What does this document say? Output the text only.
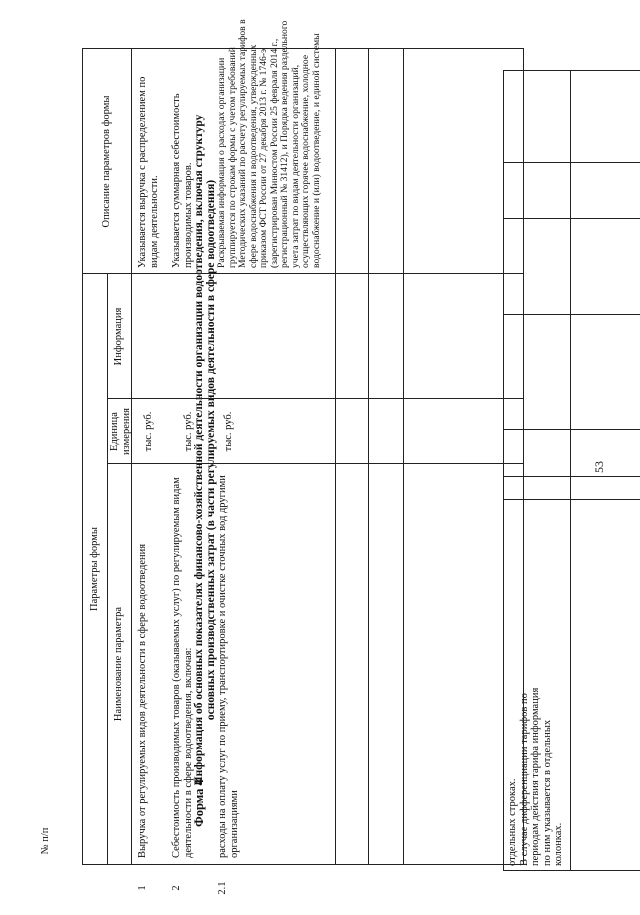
53
отдельных строках. В случае дифференциации тарифов по периодам действия тарифа информация по ним указывается в отдельных колонках.
Форма 4
Информация об основных показателях финансово-хозяйственной деятельности организации водоотведения, включая структуру основных производственных затрат (в части регулируемых видов деятельности в сфере водоотведения)
Параметры формы
Наименование параметра
Единица измерения
Информация
Описание параметров формы
Выручка от регулируемых видов деятельности в сфере водоотведения
тыс. руб.
Указывается выручка с распределением по видам деятельности.
Себестоимость производимых товаров (оказываемых услуг) по регулируемым видам деятельности в сфере водоотведения, включая:
тыс. руб.
Указывается суммарная себестоимость производимых товаров.
расходы на оплату услуг по приему, транспортировке и очистке сточных вод другими организациями
тыс. руб.
Раскрываемая информация о расходах организации группируется по строкам формы с учетом требований Методических указаний по расчету регулируемых тарифов в сфере водоснабжения и водоотведения, утвержденных приказом ФСТ России от 27 декабря 2013 г. № 1746-э (зарегистрирован Минюстом России 25 февраля 2014 г., регистрационный № 31412), и Порядка ведения раздельного учета затрат по видам деятельности организаций, осуществляющих горячее водоснабжение, холодное водоснабжение и (или) водоотведение, и единой системы
1 2	2.1
№ п/п
